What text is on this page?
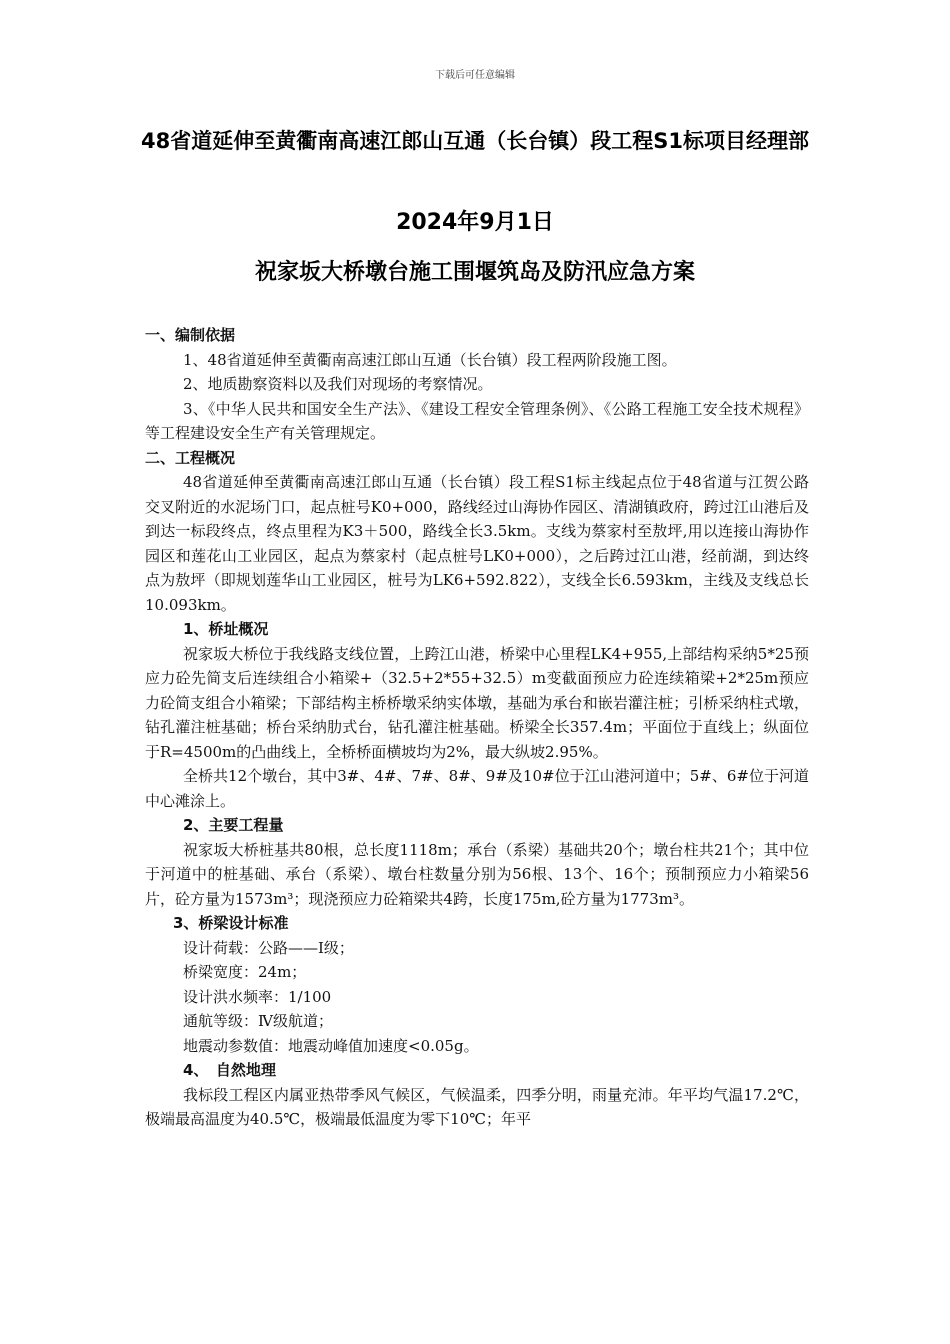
下载后可任意编辑
48省道延伸至黄衢南高速江郎山互通（长台镇）段工程S1标项目经理部
2024年9月1日
祝家坂大桥墩台施工围堰筑岛及防汛应急方案

一、编制依据

1、48省道延伸至黄衢南高速江郎山互通（长台镇）段工程两阶段施工图。

2、地质勘察资料以及我们对现场的考察情况。

3、《中华人民共和国安全生产法》、《建设工程安全管理条例》、《公路工程施工安全技术规程》等工程建设安全生产有关管理规定。

二、工程概况

48省道延伸至黄衢南高速江郎山互通（长台镇）段工程S1标主线起点位于48省道与江贺公路交叉附近的水泥场门口，起点桩号K0+000，路线经过山海协作园区、清湖镇政府，跨过江山港后及到达一标段终点，终点里程为K3＋500，路线全长3.5km。支线为蔡家村至敖坪,用以连接山海协作园区和莲花山工业园区，起点为蔡家村（起点桩号LK0+000），之后跨过江山港，经前湖，到达终点为敖坪（即规划莲华山工业园区，桩号为LK6+592.822），支线全长6.593km，主线及支线总长10.093km。

1、桥址概况

祝家坂大桥位于我线路支线位置，上跨江山港，桥梁中心里程LK4+955,上部结构采纳5*25预应力砼先简支后连续组合小箱梁+（32.5+2*55+32.5）m变截面预应力砼连续箱梁+2*25m预应力砼简支组合小箱梁；下部结构主桥桥墩采纳实体墩，基础为承台和嵌岩灌注桩；引桥采纳柱式墩，钻孔灌注桩基础；桥台采纳肋式台，钻孔灌注桩基础。桥梁全长357.4m；平面位于直线上；纵面位于R=4500m的凸曲线上，全桥桥面横坡均为2%，最大纵坡2.95%。

全桥共12个墩台，其中3#、4#、7#、8#、9#及10#位于江山港河道中；5#、6#位于河道中心滩涂上。

2、主要工程量

祝家坂大桥桩基共80根，总长度1118m；承台（系梁）基础共20个；墩台柱共21个；其中位于河道中的桩基础、承台（系梁）、墩台柱数量分别为56根、13个、16个；预制预应力小箱梁56片，砼方量为1573m³；现浇预应力砼箱梁共4跨，长度175m,砼方量为1773m³。

3、桥梁设计标准

设计荷载：公路——Ⅰ级；

桥梁宽度：24m；

设计洪水频率：1/100

通航等级：Ⅳ级航道；

地震动参数值：地震动峰值加速度<0.05g。

4、　自然地理

我标段工程区内属亚热带季风气候区，气候温柔，四季分明，雨量充沛。年平均气温17.2℃，极端最高温度为40.5℃，极端最低温度为零下10℃；年平
